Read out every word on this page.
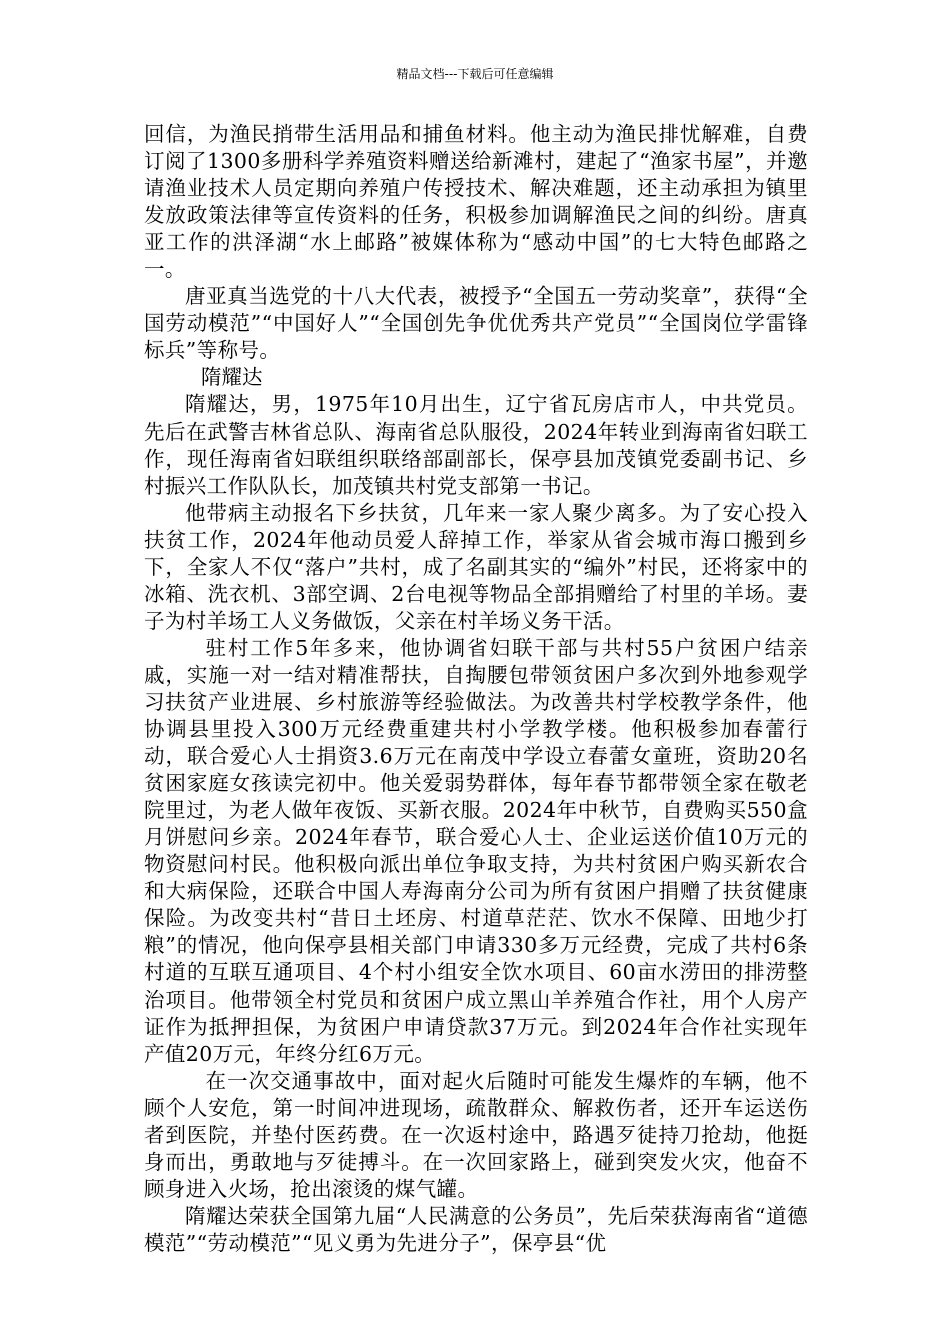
精品文档---下载后可任意编辑

回信，为渔民捎带生活用品和捕鱼材料。他主动为渔民排忧解难，自费订阅了1300多册科学养殖资料赠送给新滩村，建起了“渔家书屋”，并邀请渔业技术人员定期向养殖户传授技术、解决难题，还主动承担为镇里发放政策法律等宣传资料的任务，积极参加调解渔民之间的纠纷。唐真亚工作的洪泽湖“水上邮路”被媒体称为“感动中国”的七大特色邮路之一。

唐亚真当选党的十八大代表，被授予“全国五一劳动奖章”，获得“全国劳动模范”“中国好人”“全国创先争优优秀共产党员”“全国岗位学雷锋标兵”等称号。

隋耀达

隋耀达，男，1975年10月出生，辽宁省瓦房店市人，中共党员。先后在武警吉林省总队、海南省总队服役，2024年转业到海南省妇联工作，现任海南省妇联组织联络部副部长，保亭县加茂镇党委副书记、乡村振兴工作队队长，加茂镇共村党支部第一书记。

他带病主动报名下乡扶贫，几年来一家人聚少离多。为了安心投入扶贫工作，2024年他动员爱人辞掉工作，举家从省会城市海口搬到乡下，全家人不仅“落户”共村，成了名副其实的“编外”村民，还将家中的冰箱、洗衣机、3部空调、2台电视等物品全部捐赠给了村里的羊场。妻子为村羊场工人义务做饭，父亲在村羊场义务干活。

驻村工作5年多来，他协调省妇联干部与共村55户贫困户结亲戚，实施一对一结对精准帮扶，自掏腰包带领贫困户多次到外地参观学习扶贫产业进展、乡村旅游等经验做法。为改善共村学校教学条件，他协调县里投入300万元经费重建共村小学教学楼。他积极参加春蕾行动，联合爱心人士捐资3.6万元在南茂中学设立春蕾女童班，资助20名贫困家庭女孩读完初中。他关爱弱势群体，每年春节都带领全家在敬老院里过，为老人做年夜饭、买新衣服。2024年中秋节，自费购买550盒月饼慰问乡亲。2024年春节，联合爱心人士、企业运送价值10万元的物资慰问村民。他积极向派出单位争取支持，为共村贫困户购买新农合和大病保险，还联合中国人寿海南分公司为所有贫困户捐赠了扶贫健康保险。为改变共村“昔日土坯房、村道草茫茫、饮水不保障、田地少打粮”的情况，他向保亭县相关部门申请330多万元经费，完成了共村6条村道的互联互通项目、4个村小组安全饮水项目、60亩水涝田的排涝整治项目。他带领全村党员和贫困户成立黑山羊养殖合作社，用个人房产证作为抵押担保，为贫困户申请贷款37万元。到2024年合作社实现年产值20万元，年终分红6万元。

在一次交通事故中，面对起火后随时可能发生爆炸的车辆，他不顾个人安危，第一时间冲进现场，疏散群众、解救伤者，还开车运送伤者到医院，并垫付医药费。在一次返村途中，路遇歹徒持刀抢劫，他挺身而出，勇敢地与歹徒搏斗。在一次回家路上，碰到突发火灾，他奋不顾身进入火场，抢出滚烫的煤气罐。

隋耀达荣获全国第九届“人民满意的公务员”，先后荣获海南省“道德模范”“劳动模范”“见义勇为先进分子”，保亭县“优
